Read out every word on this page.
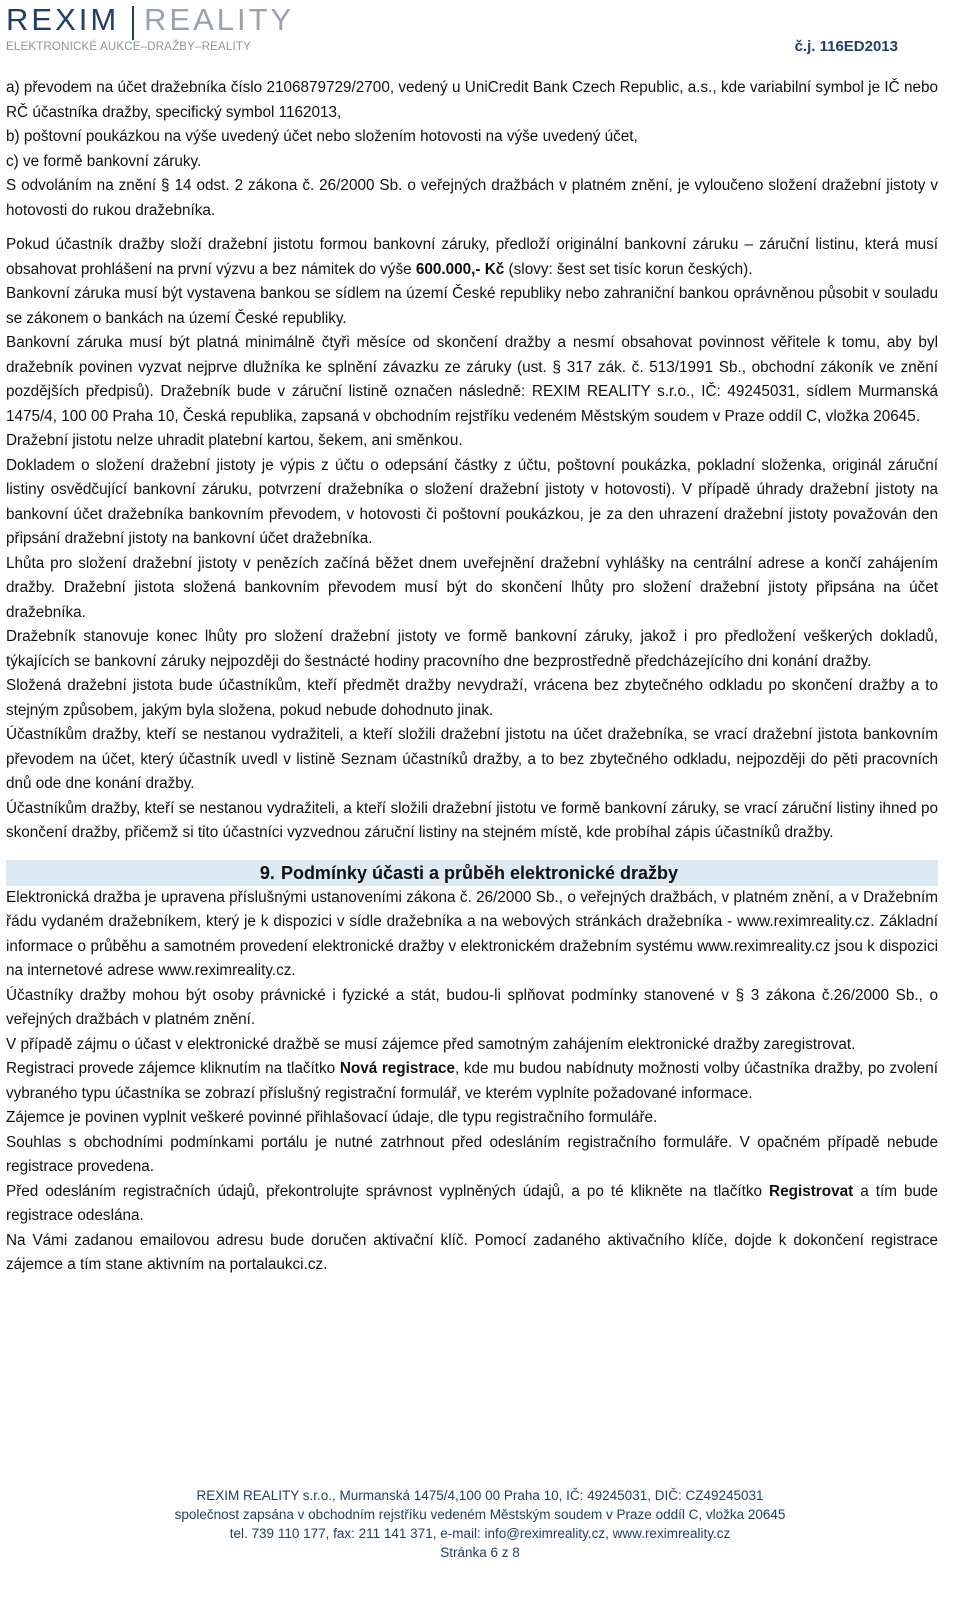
REXIM REALITY
ELEKTRONICKÉ AUKCE–DRAŽBY–REALITY	č.j. 116ED2013

a) převodem na účet dražebníka číslo 2106879729/2700, vedený u UniCredit Bank Czech Republic, a.s., kde variabilní symbol je IČ nebo RČ účastníka dražby, specifický symbol 1162013,

b) poštovní poukázkou na výše uvedený účet nebo složením hotovosti na výše uvedený účet,

c) ve formě bankovní záruky.

S odvoláním na znění § 14 odst. 2 zákona č. 26/2000 Sb. o veřejných dražbách v platném znění, je vyloučeno složení dražební jistoty v hotovosti do rukou dražebníka.

Pokud účastník dražby složí dražební jistotu formou bankovní záruky, předloží originální bankovní záruku – záruční listinu, která musí obsahovat prohlášení na první výzvu a bez námitek do výše 600.000,- Kč (slovy: šest set tisíc korun českých).

Bankovní záruka musí být vystavena bankou se sídlem na území České republiky nebo zahraniční bankou oprávněnou působit v souladu se zákonem o bankách na území České republiky.

Bankovní záruka musí být platná minimálně čtyři měsíce od skončení dražby a nesmí obsahovat povinnost věřitele k tomu, aby byl dražebník povinen vyzvat nejprve dlužníka ke splnění závazku ze záruky (ust. § 317 zák. č. 513/1991 Sb., obchodní zákoník ve znění pozdějších předpisů). Dražebník bude v záruční listině označen následně: REXIM REALITY s.r.o., IČ: 49245031, sídlem Murmanská 1475/4, 100 00 Praha 10, Česká republika, zapsaná v obchodním rejstříku vedeném Městským soudem v Praze oddíl C, vložka 20645.

Dražební jistotu nelze uhradit platební kartou, šekem, ani směnkou.

Dokladem o složení dražební jistoty je výpis z účtu o odepsání částky z účtu, poštovní poukázka, pokladní složenka, originál záruční listiny osvědčující bankovní záruku, potvrzení dražebníka o složení dražební jistoty v hotovosti). V případě úhrady dražební jistoty na bankovní účet dražebníka bankovním převodem, v hotovosti či poštovní poukázkou, je za den uhrazení dražební jistoty považován den připsání dražební jistoty na bankovní účet dražebníka.

Lhůta pro složení dražební jistoty v penězích začíná běžet dnem uveřejnění dražební vyhlášky na centrální adrese a končí zahájením dražby. Dražební jistota složená bankovním převodem musí být do skončení lhůty pro složení dražební jistoty připsána na účet dražebníka.

Dražebník stanovuje konec lhůty pro složení dražební jistoty ve formě bankovní záruky, jakož i pro předložení veškerých dokladů, týkajících se bankovní záruky nejpozději do šestnácté hodiny pracovního dne bezprostředně předcházejícího dni konání dražby.

Složená dražební jistota bude účastníkům, kteří předmět dražby nevydraží, vrácena bez zbytečného odkladu po skončení dražby a to stejným způsobem, jakým byla složena, pokud nebude dohodnuto jinak.

Účastníkům dražby, kteří se nestanou vydražiteli, a kteří složili dražební jistotu na účet dražebníka, se vrací dražební jistota bankovním převodem na účet, který účastník uvedl v listině Seznam účastníků dražby, a to bez zbytečného odkladu, nejpozději do pěti pracovních dnů ode dne konání dražby.

Účastníkům dražby, kteří se nestanou vydražiteli, a kteří složili dražební jistotu ve formě bankovní záruky, se vrací záruční listiny ihned po skončení dražby, přičemž si tito účastníci vyzvednou záruční listiny na stejném místě, kde probíhal zápis účastníků dražby.

9. Podmínky účasti a průběh elektronické dražby

Elektronická dražba je upravena příslušnými ustanoveními zákona č. 26/2000 Sb., o veřejných dražbách, v platném znění, a v Dražebním řádu vydaném dražebníkem, který je k dispozici v sídle dražebníka a na webových stránkách dražebníka - www.reximreality.cz. Základní informace o průběhu a samotném provedení elektronické dražby v elektronickém dražebním systému www.reximreality.cz jsou k dispozici na internetové adrese www.reximreality.cz.

Účastníky dražby mohou být osoby právnické i fyzické a stát, budou-li splňovat podmínky stanovené v § 3 zákona č.26/2000 Sb., o veřejných dražbách v platném znění.

V případě zájmu o účast v elektronické dražbě se musí zájemce před samotným zahájením elektronické dražby zaregistrovat.

Registraci provede zájemce kliknutím na tlačítko Nová registrace, kde mu budou nabídnuty možnosti volby účastníka dražby, po zvolení vybraného typu účastníka se zobrazí příslušný registrační formulář, ve kterém vyplníte požadované informace.

Zájemce je povinen vyplnit veškeré povinné přihlašovací údaje, dle typu registračního formuláře.

Souhlas s obchodními podmínkami portálu je nutné zatrhnout před odesláním registračního formuláře. V opačném případě nebude registrace provedena.

Před odesláním registračních údajů, překontrolujte správnost vyplněných údajů, a po té klikněte na tlačítko Registrovat a tím bude registrace odeslána.

Na Vámi zadanou emailovou adresu bude doručen aktivační klíč. Pomocí zadaného aktivačního klíče, dojde k dokončení registrace zájemce a tím stane aktivním na portalaukci.cz.

REXIM REALITY s.r.o., Murmanská 1475/4,100 00 Praha 10, IČ: 49245031, DIČ: CZ49245031
společnost zapsána v obchodním rejstříku vedeném Městským soudem v Praze oddíl C, vložka 20645
tel. 739 110 177, fax: 211 141 371, e-mail: info@reximreality.cz, www.reximreality.cz
Stránka 6 z 8
